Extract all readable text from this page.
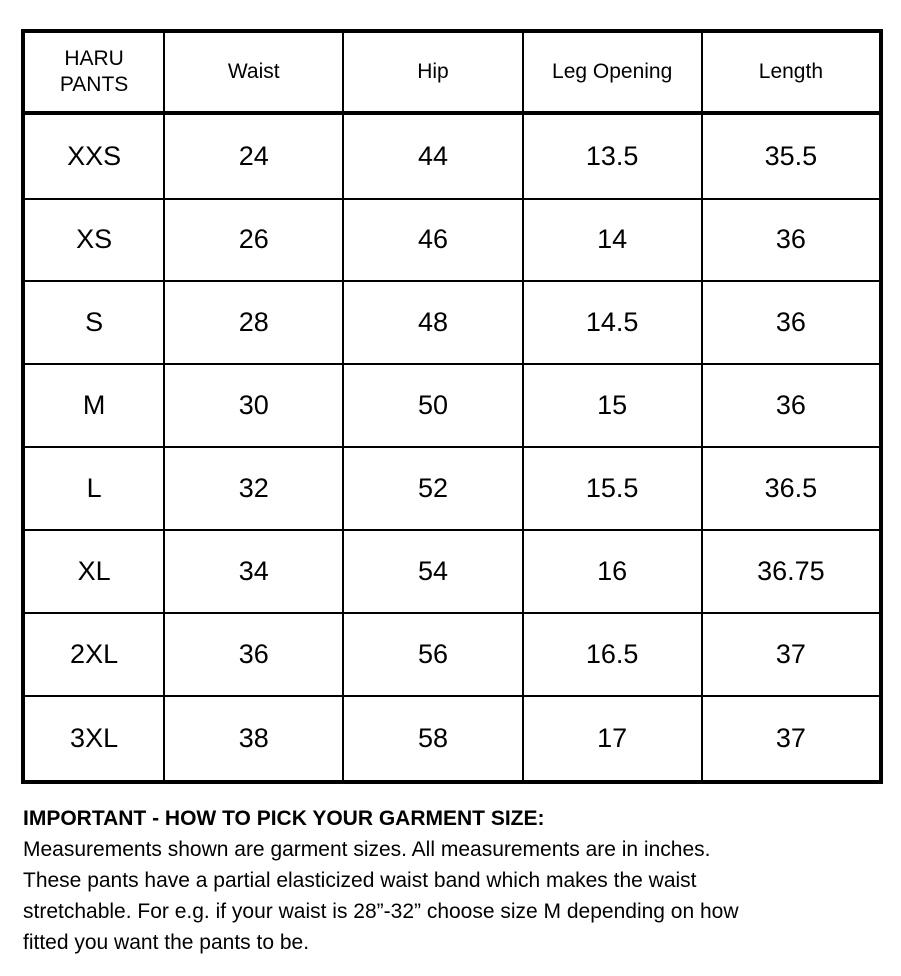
HARU
PANTS	Waist	Hip	Leg Opening	Length
XXS	24	44	13.5	35.5
XS	26	46	14	36
S	28	48	14.5	36
M	30	50	15	36
L	32	52	15.5	36.5
XL	34	54	16	36.75
2XL	36	56	16.5	37
3XL	38	58	17	37
IMPORTANT - HOW TO PICK YOUR GARMENT SIZE:
Measurements shown are garment sizes. All measurements are in inches.
These pants have a partial elasticized waist band which makes the waist
stretchable. For e.g. if your waist is 28”-32” choose size M depending on how
fitted you want the pants to be.
